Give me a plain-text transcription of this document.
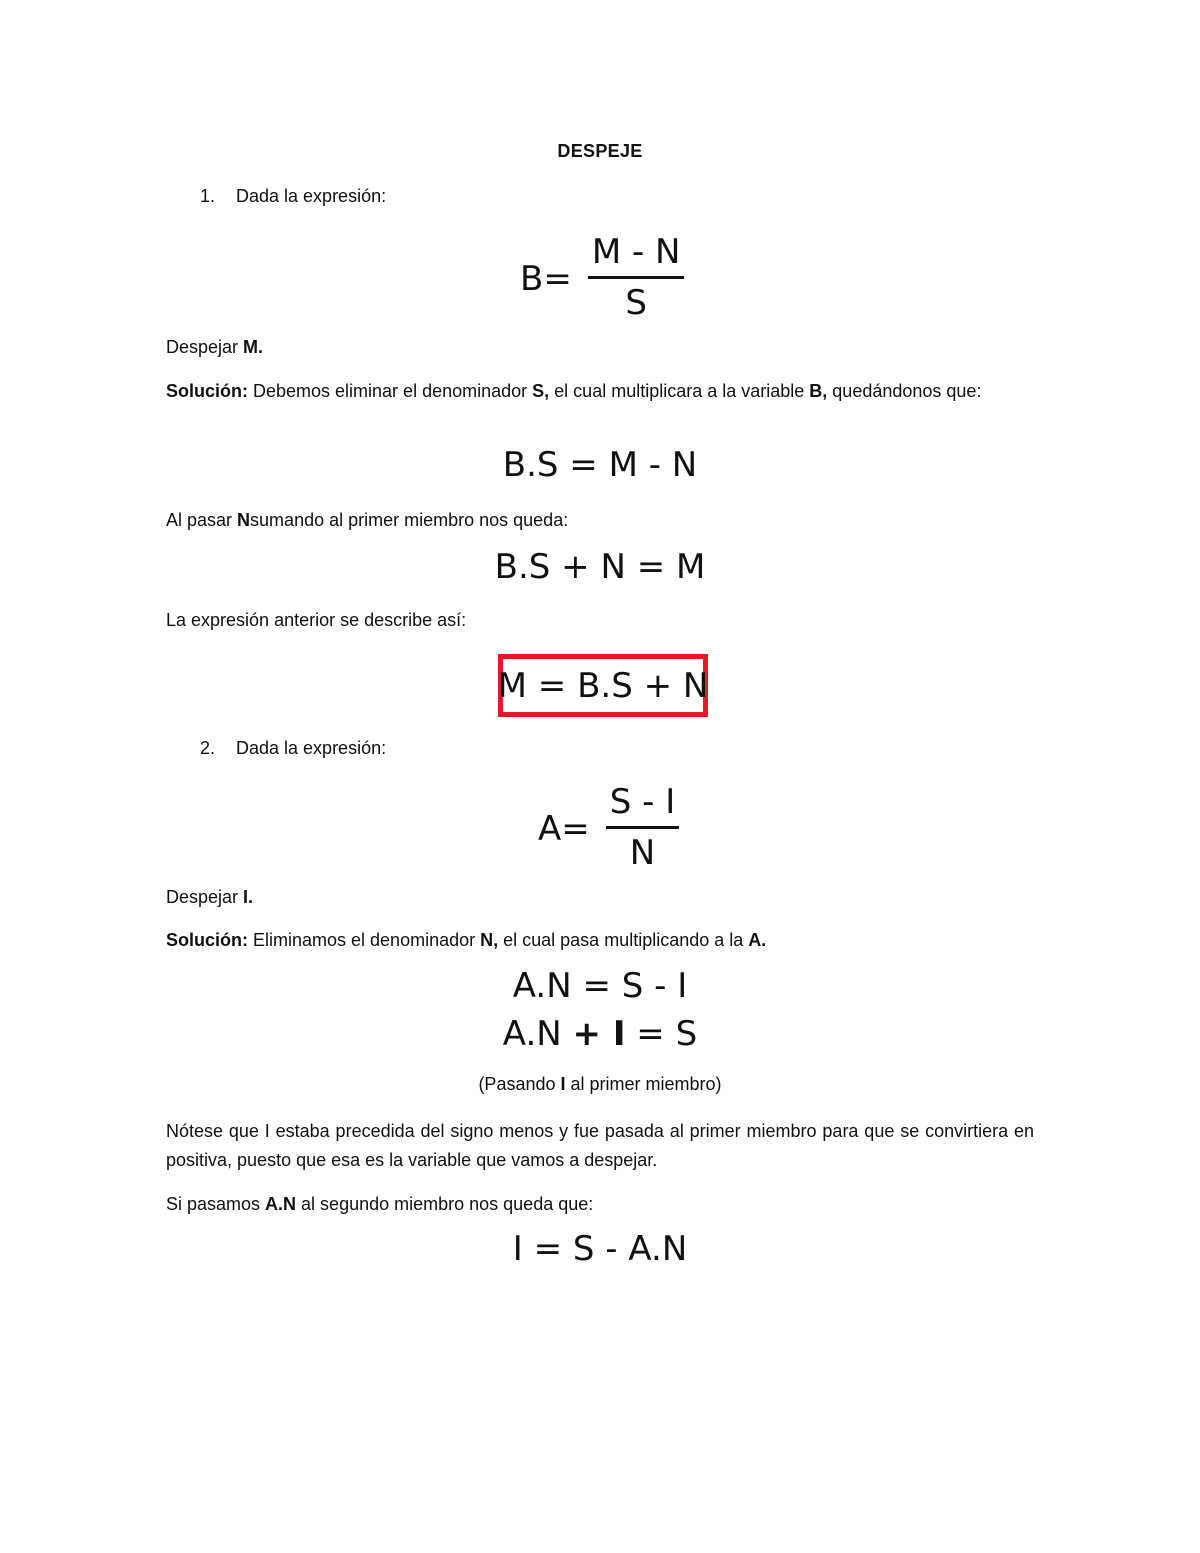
DESPEJE
1. Dada la expresión:
$B= \frac{M - N}{S}$
Despejar M.
Solución: Debemos eliminar el denominador S, el cual multiplicara a la variable B, quedándonos que:
B.S = M - N
Al pasar Nsumando al primer miembro nos queda:
B.S + N = M
La expresión anterior se describe así:
M = B.S + N
2. Dada la expresión:
$A= \frac{S - I}{N}$
Despejar I.
Solución: Eliminamos el denominador N, el cual pasa multiplicando a la A.
A.N = S - I
A.N + I = S
(Pasando I al primer miembro)
Nótese que I estaba precedida del signo menos y fue pasada al primer miembro para que se convirtiera en positiva, puesto que esa es la variable que vamos a despejar.
Si pasamos A.N al segundo miembro nos queda que:
I = S - A.N
